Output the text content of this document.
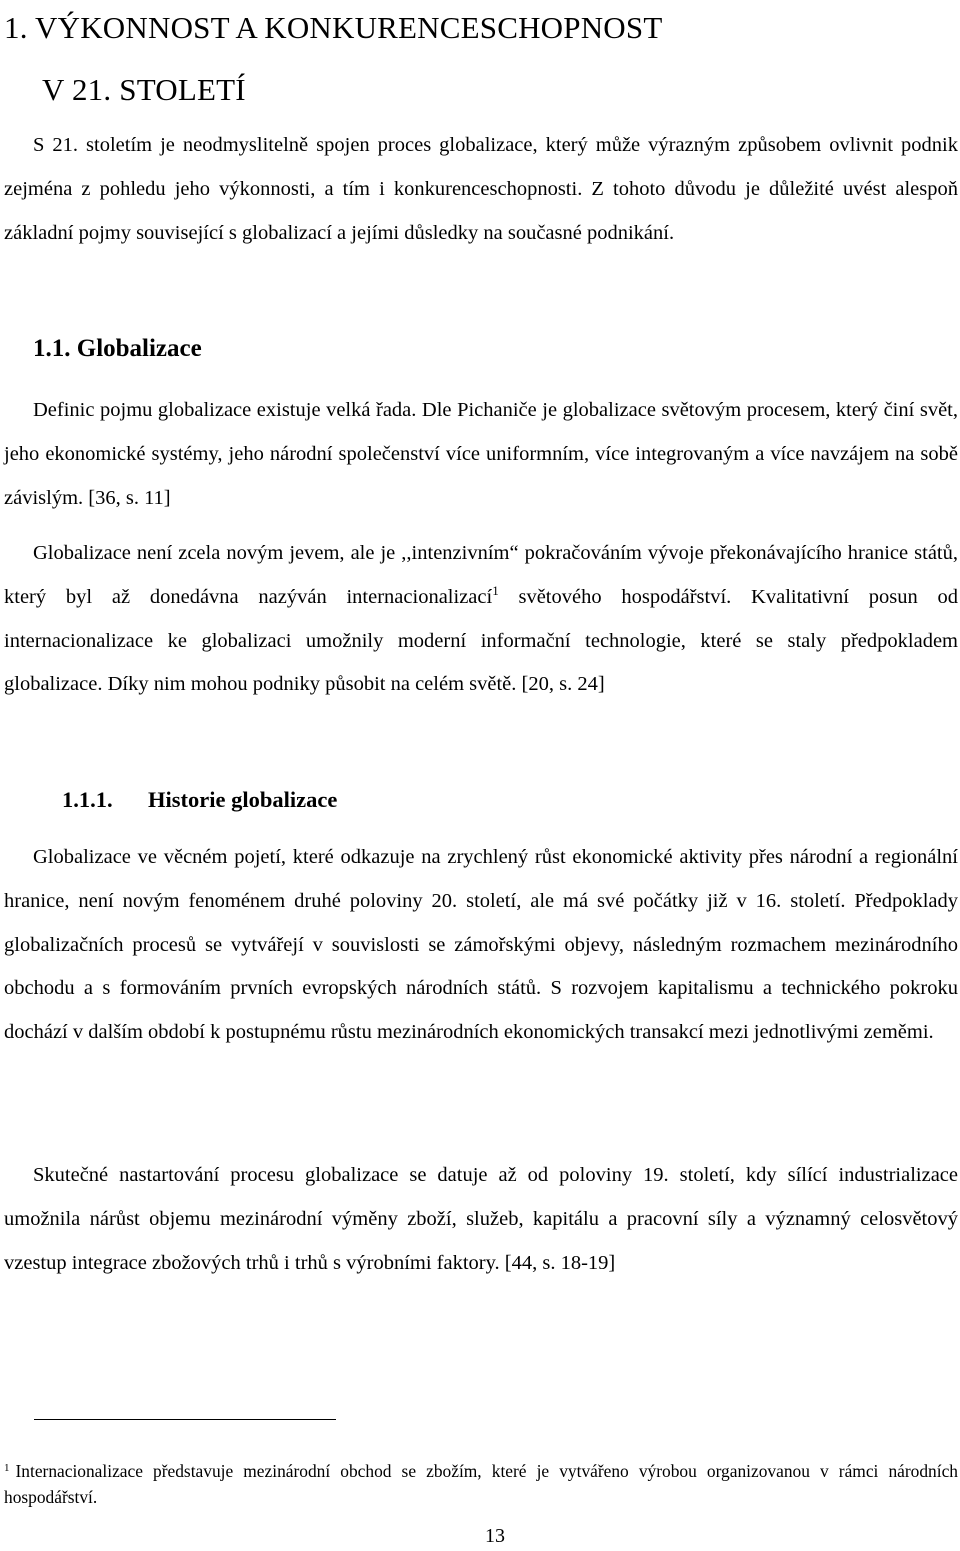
1. VÝKONNOST A KONKURENCESCHOPNOST
V 21. STOLETÍ

S 21. stoletím je neodmyslitelně spojen proces globalizace, který může výrazným způsobem ovlivnit podnik zejména z pohledu jeho výkonnosti, a tím i konkurenceschopnosti. Z tohoto důvodu je důležité uvést alespoň základní pojmy související s globalizací a jejími důsledky na současné podnikání.

1.1. Globalizace

Definic pojmu globalizace existuje velká řada. Dle Pichaniče je globalizace světovým procesem, který činí svět, jeho ekonomické systémy, jeho národní společenství více uniformním, více integrovaným a více navzájem na sobě závislým. [36, s. 11]

Globalizace není zcela novým jevem, ale je ,,intenzivním“ pokračováním vývoje překonávajícího hranice států, který byl až donedávna nazýván internacionalizací$^1$ světového hospodářství. Kvalitativní posun od internacionalizace ke globalizaci umožnily moderní informační technologie, které se staly předpokladem globalizace. Díky nim mohou podniky působit na celém světě. [20, s. 24]

1.1.1. Historie globalizace

Globalizace ve věcném pojetí, které odkazuje na zrychlený růst ekonomické aktivity přes národní a regionální hranice, není novým fenoménem druhé poloviny 20. století, ale má své počátky již v 16. století. Předpoklady globalizačních procesů se vytvářejí v souvislosti se zámořskými objevy, následným rozmachem mezinárodního obchodu a s formováním prvních evropských národních států. S rozvojem kapitalismu a technického pokroku dochází v dalším období k postupnému růstu mezinárodních ekonomických transakcí mezi jednotlivými zeměmi.

Skutečné nastartování procesu globalizace se datuje až od poloviny 19. století, kdy sílící industrializace umožnila nárůst objemu mezinárodní výměny zboží, služeb, kapitálu a pracovní síly a významný celosvětový vzestup integrace zbožových trhů i trhů s výrobními faktory. [44, s. 18-19]

$^1$ Internacionalizace představuje mezinárodní obchod se zbožím, které je vytvářeno výrobou organizovanou v rámci národních hospodářství.

13
